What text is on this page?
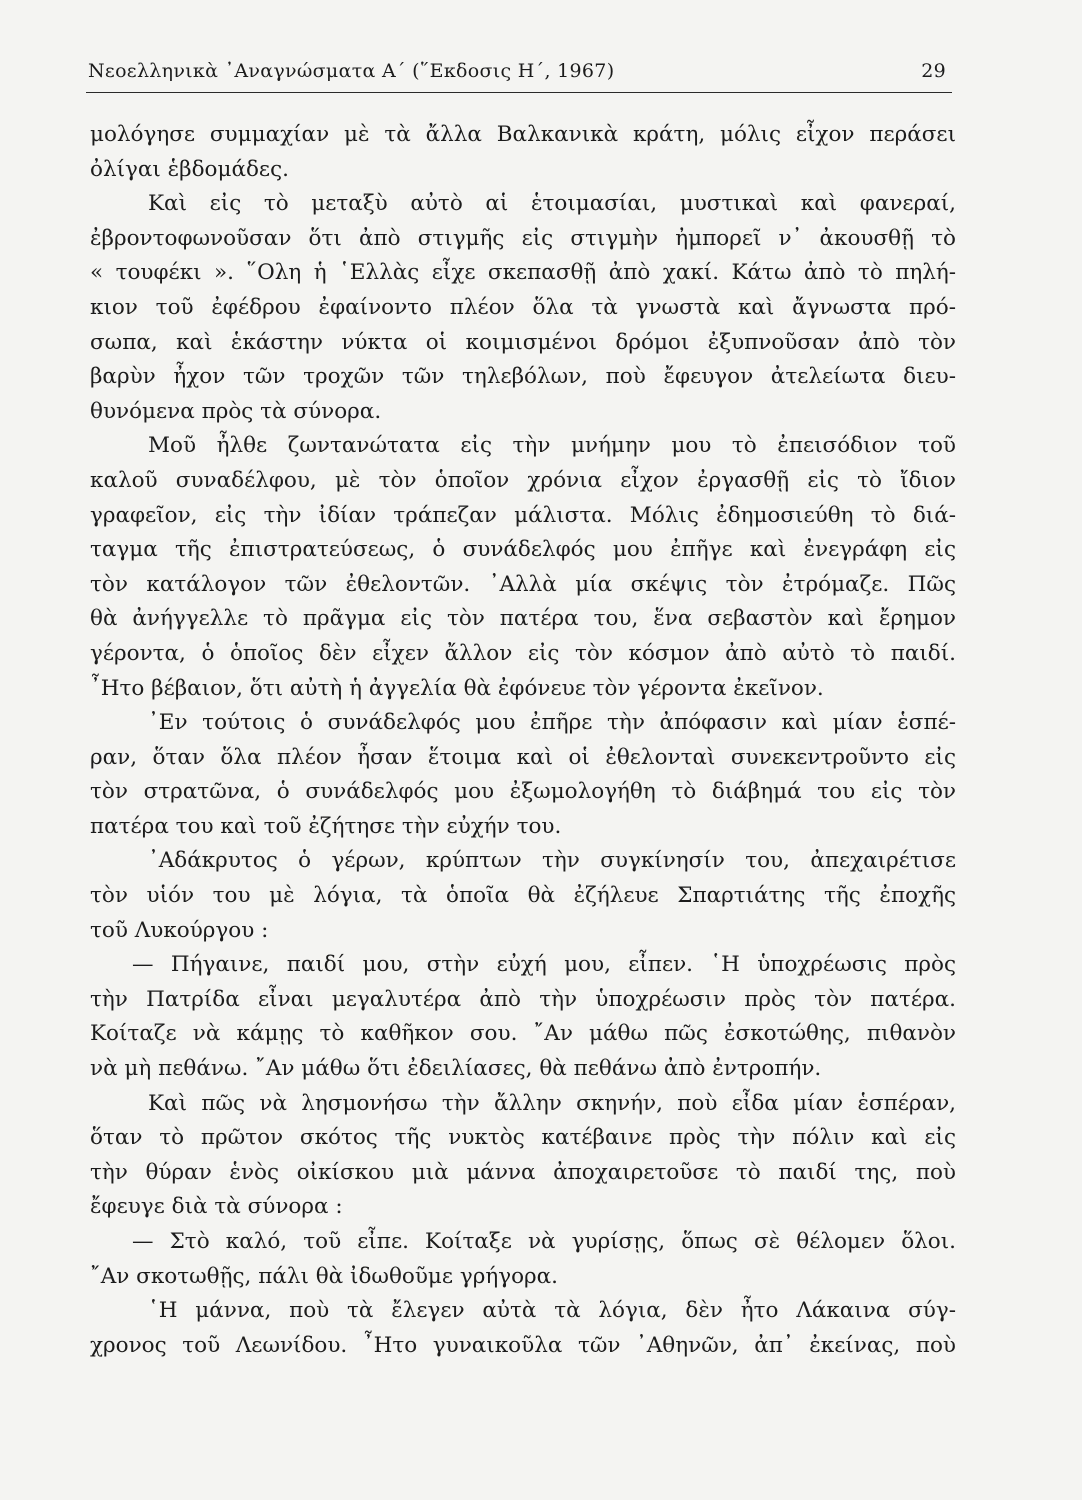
Νεοελληνικὰ ᾿Αναγνώσματα Α΄ (῞Εκδοσις Η΄, 1967)	29
μολόγησε συμμαχίαν μὲ τὰ ἄλλα Βαλκανικὰ κράτη, μόλις εἶχον περάσει
ὀλίγαι ἑβδομάδες.
Καὶ εἰς τὸ μεταξὺ αὐτὸ αἱ ἑτοιμασίαι, μυστικαὶ καὶ φανεραί,
ἐβροντοφωνοῦσαν ὅτι ἀπὸ στιγμῆς εἰς στιγμὴν ἠμπορεῖ ν᾿ ἀκουσθῇ τὸ
« τουφέκι ». ῞Ολη ἡ ῾Ελλὰς εἶχε σκεπασθῇ ἀπὸ χακί. Κάτω ἀπὸ τὸ πηλή-
κιον τοῦ ἐφέδρου ἐφαίνοντο πλέον ὅλα τὰ γνωστὰ καὶ ἄγνωστα πρό-
σωπα, καὶ ἑκάστην νύκτα οἱ κοιμισμένοι δρόμοι ἐξυπνοῦσαν ἀπὸ τὸν
βαρὺν ἦχον τῶν τροχῶν τῶν τηλεβόλων, ποὺ ἔφευγον ἀτελείωτα διευ-
θυνόμενα πρὸς τὰ σύνορα.
Μοῦ ἦλθε ζωντανώτατα εἰς τὴν μνήμην μου τὸ ἐπεισόδιον τοῦ
καλοῦ συναδέλφου, μὲ τὸν ὁποῖον χρόνια εἶχον ἐργασθῇ εἰς τὸ ἴδιον
γραφεῖον, εἰς τὴν ἰδίαν τράπεζαν μάλιστα. Μόλις ἐδημοσιεύθη τὸ διά-
ταγμα τῆς ἐπιστρατεύσεως, ὁ συνάδελφός μου ἐπῆγε καὶ ἐνεγράφη εἰς
τὸν κατάλογον τῶν ἐθελοντῶν. ᾿Αλλὰ μία σκέψις τὸν ἐτρόμαζε. Πῶς
θὰ ἀνήγγελλε τὸ πρᾶγμα εἰς τὸν πατέρα του, ἕνα σεβαστὸν καὶ ἔρημον
γέροντα, ὁ ὁποῖος δὲν εἶχεν ἄλλον εἰς τὸν κόσμον ἀπὸ αὐτὸ τὸ παιδί.
῏Ητο βέβαιον, ὅτι αὐτὴ ἡ ἀγγελία θὰ ἐφόνευε τὸν γέροντα ἐκεῖνον.
᾿Εν τούτοις ὁ συνάδελφός μου ἐπῆρε τὴν ἀπόφασιν καὶ μίαν ἑσπέ-
ραν, ὅταν ὅλα πλέον ἦσαν ἕτοιμα καὶ οἱ ἐθελονταὶ συνεκεντροῦντο εἰς
τὸν στρατῶνα, ὁ συνάδελφός μου ἐξωμολογήθη τὸ διάβημά του εἰς τὸν
πατέρα του καὶ τοῦ ἐζήτησε τὴν εὐχήν του.
᾿Αδάκρυτος ὁ γέρων, κρύπτων τὴν συγκίνησίν του, ἀπεχαιρέτισε
τὸν υἱόν του μὲ λόγια, τὰ ὁποῖα θὰ ἐζήλευε Σπαρτιάτης τῆς ἐποχῆς
τοῦ Λυκούργου :
— Πήγαινε, παιδί μου, στὴν εὐχή μου, εἶπεν. ῾Η ὑποχρέωσις πρὸς
τὴν Πατρίδα εἶναι μεγαλυτέρα ἀπὸ τὴν ὑποχρέωσιν πρὸς τὸν πατέρα.
Κοίταζε νὰ κάμῃς τὸ καθῆκον σου. ῎Αν μάθω πῶς ἐσκοτώθης, πιθανὸν
νὰ μὴ πεθάνω. ῎Αν μάθω ὅτι ἐδειλίασες, θὰ πεθάνω ἀπὸ ἐντροπήν.
Καὶ πῶς νὰ λησμονήσω τὴν ἄλλην σκηνήν, ποὺ εἶδα μίαν ἑσπέραν,
ὅταν τὸ πρῶτον σκότος τῆς νυκτὸς κατέβαινε πρὸς τὴν πόλιν καὶ εἰς
τὴν θύραν ἑνὸς οἰκίσκου μιὰ μάννα ἀποχαιρετοῦσε τὸ παιδί της, ποὺ
ἔφευγε διὰ τὰ σύνορα :
— Στὸ καλό, τοῦ εἶπε. Κοίταξε νὰ γυρίσῃς, ὅπως σὲ θέλομεν ὅλοι.
῎Αν σκοτωθῇς, πάλι θὰ ἰδωθοῦμε γρήγορα.
῾Η μάννα, ποὺ τὰ ἔλεγεν αὐτὰ τὰ λόγια, δὲν ἦτο Λάκαινα σύγ-
χρονος τοῦ Λεωνίδου. ῏Ητο γυναικοῦλα τῶν ᾿Αθηνῶν, ἀπ᾿ ἐκείνας, ποὺ
